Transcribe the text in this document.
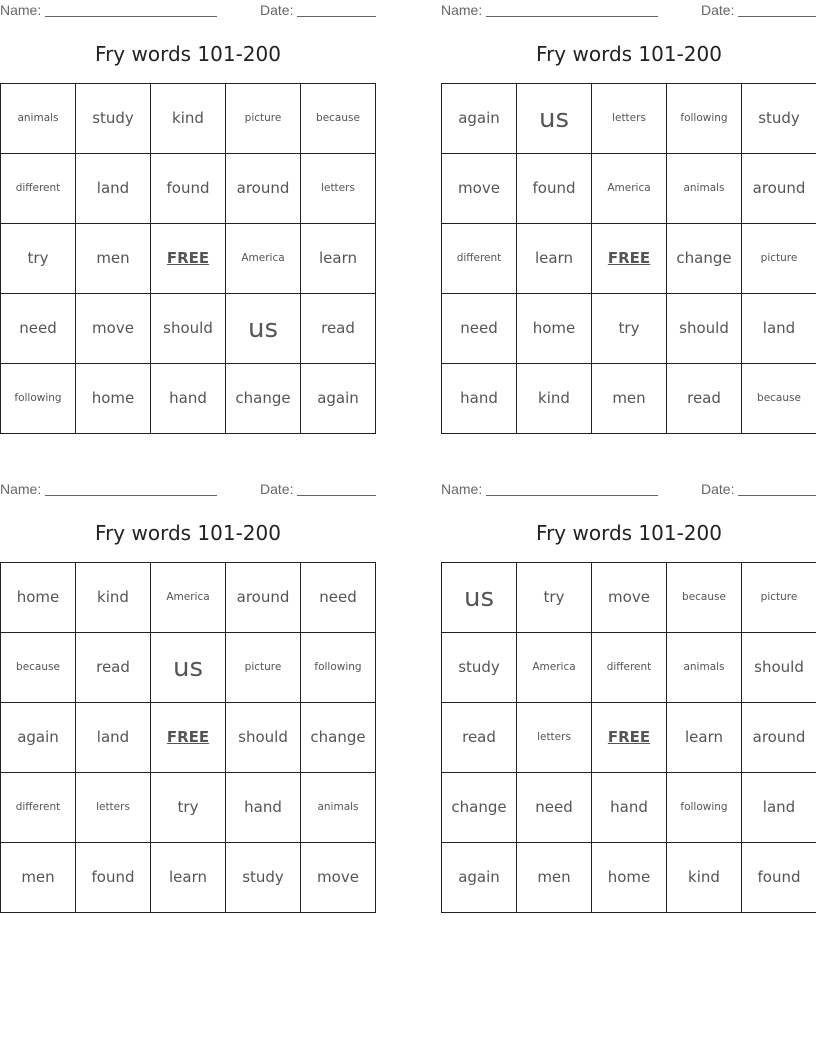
Name:	Date:
Fry words 101-200
animals	study	kind	picture	because
different	land	found	around	letters
try	men	FREE	America	learn
need	move	should	us	read
following	home	hand	change	again
Name:	Date:
Fry words 101-200
again	us	letters	following	study
move	found	America	animals	around
different	learn	FREE	change	picture
need	home	try	should	land
hand	kind	men	read	because
Name:	Date:
Fry words 101-200
home	kind	America	around	need
because	read	us	picture	following
again	land	FREE	should	change
different	letters	try	hand	animals
men	found	learn	study	move
Name:	Date:
Fry words 101-200
us	try	move	because	picture
study	America	different	animals	should
read	letters	FREE	learn	around
change	need	hand	following	land
again	men	home	kind	found
